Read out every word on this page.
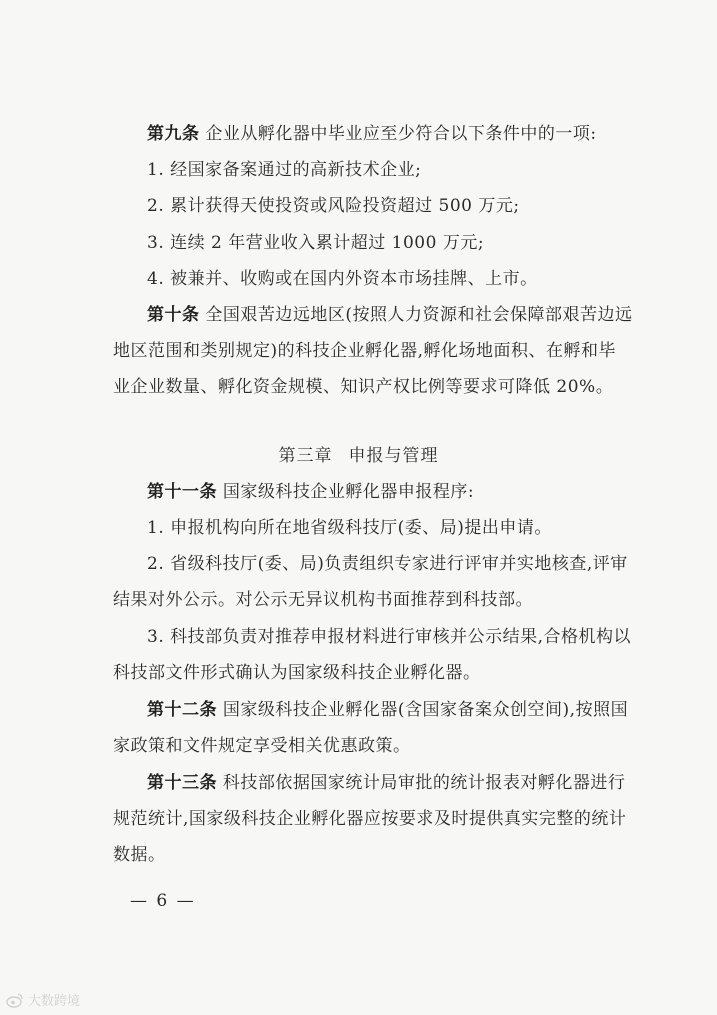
第九条 企业从孵化器中毕业应至少符合以下条件中的一项:
1. 经国家备案通过的高新技术企业;
2. 累计获得天使投资或风险投资超过 500 万元;
3. 连续 2 年营业收入累计超过 1000 万元;
4. 被兼并、收购或在国内外资本市场挂牌、上市。
第十条 全国艰苦边远地区(按照人力资源和社会保障部艰苦边远地区范围和类别规定)的科技企业孵化器,孵化场地面积、在孵和毕业企业数量、孵化资金规模、知识产权比例等要求可降低 20%。
第三章 申报与管理
第十一条 国家级科技企业孵化器申报程序:
1. 申报机构向所在地省级科技厅(委、局)提出申请。
2. 省级科技厅(委、局)负责组织专家进行评审并实地核查,评审结果对外公示。对公示无异议机构书面推荐到科技部。
3. 科技部负责对推荐申报材料进行审核并公示结果,合格机构以科技部文件形式确认为国家级科技企业孵化器。
第十二条 国家级科技企业孵化器(含国家备案众创空间),按照国家政策和文件规定享受相关优惠政策。
第十三条 科技部依据国家统计局审批的统计报表对孵化器进行规范统计,国家级科技企业孵化器应按要求及时提供真实完整的统计数据。
— 6 —
大数跨境
